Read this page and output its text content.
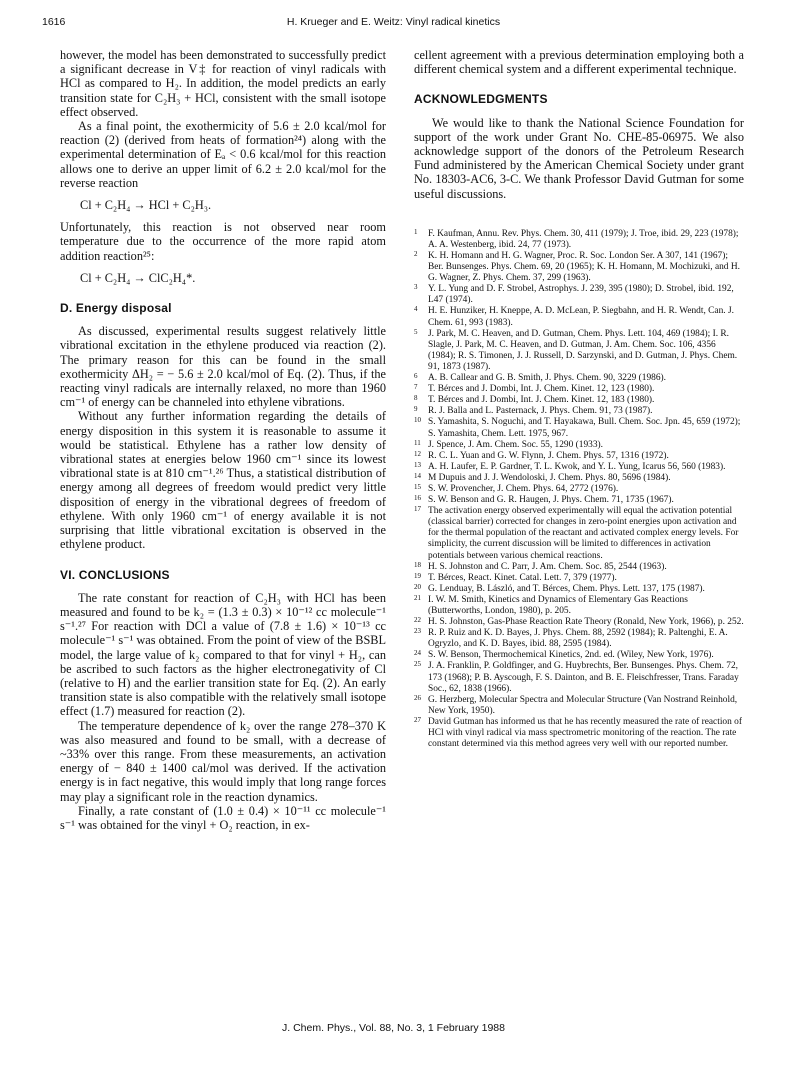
1616	H. Krueger and E. Weitz: Vinyl radical kinetics

however, the model has been demonstrated to successfully predict a significant decrease in V‡ for reaction of vinyl radicals with HCl as compared to H₂. In addition, the model predicts an early transition state for C₂H₃ + HCl, consistent with the small isotope effect observed.

As a final point, the exothermicity of 5.6 ± 2.0 kcal/mol for reaction (2) (derived from heats of formation²⁴) along with the experimental determination of Eₐ < 0.6 kcal/mol for this reaction allows one to derive an upper limit of 6.2 ± 2.0 kcal/mol for the reverse reaction

Cl + C₂H₄ → HCl + C₂H₃.

Unfortunately, this reaction is not observed near room temperature due to the occurrence of the more rapid atom addition reaction²⁵:

Cl + C₂H₄ → ClC₂H₄*.
D. Energy disposal

As discussed, experimental results suggest relatively little vibrational excitation in the ethylene produced via reaction (2). The primary reason for this can be found in the small exothermicity ΔH₂ = − 5.6 ± 2.0 kcal/mol of Eq. (2). Thus, if the reacting vinyl radicals are internally relaxed, no more than 1960 cm⁻¹ of energy can be channeled into ethylene vibrations.

Without any further information regarding the details of energy disposition in this system it is reasonable to assume it would be statistical. Ethylene has a rather low density of vibrational states at energies below 1960 cm⁻¹ since its lowest vibrational state is at 810 cm⁻¹.²⁶ Thus, a statistical distribution of energy among all degrees of freedom would predict very little disposition of energy in the vibrational degrees of freedom of ethylene. With only 1960 cm⁻¹ of energy available it is not surprising that little vibrational excitation is observed in the ethylene product.

VI. CONCLUSIONS

The rate constant for reaction of C₂H₃ with HCl has been measured and found to be k₂ = (1.3 ± 0.3) × 10⁻¹² cc molecule⁻¹ s⁻¹.²⁷ For reaction with DCl a value of (7.8 ± 1.6) × 10⁻¹³ cc molecule⁻¹ s⁻¹ was obtained. From the point of view of the BSBL model, the large value of k₂ compared to that for vinyl + H₂, can be ascribed to such factors as the higher electronegativity of Cl (relative to H) and the earlier transition state for Eq. (2). An early transition state is also compatible with the relatively small isotope effect (1.7) measured for reaction (2).

The temperature dependence of k₂ over the range 278–370 K was also measured and found to be small, with a decrease of ~33% over this range. From these measurements, an activation energy of − 840 ± 1400 cal/mol was derived. If the activation energy is in fact negative, this would imply that long range forces may play a significant role in the reaction dynamics.

Finally, a rate constant of (1.0 ± 0.4) × 10⁻¹¹ cc molecule⁻¹ s⁻¹ was obtained for the vinyl + O₂ reaction, in ex-

cellent agreement with a previous determination employing both a different chemical system and a different experimental technique.

ACKNOWLEDGMENTS

We would like to thank the National Science Foundation for support of the work under Grant No. CHE-85-06975. We also acknowledge support of the donors of the Petroleum Research Fund administered by the American Chemical Society under grant No. 18303-AC6, 3-C. We thank Professor David Gutman for some useful discussions.

1 F. Kaufman, Annu. Rev. Phys. Chem. 30, 411 (1979); J. Troe, ibid. 29, 223 (1978); A. A. Westenberg, ibid. 24, 77 (1973).
2 K. H. Homann and H. G. Wagner, Proc. R. Soc. London Ser. A 307, 141 (1967); Ber. Bunsenges. Phys. Chem. 69, 20 (1965); K. H. Homann, M. Mochizuki, and H. G. Wagner, Z. Phys. Chem. 37, 299 (1963).
3 Y. L. Yung and D. F. Strobel, Astrophys. J. 239, 395 (1980); D. Strobel, ibid. 192, L47 (1974).
4 H. E. Hunziker, H. Kneppe, A. D. McLean, P. Siegbahn, and H. R. Wendt, Can. J. Chem. 61, 993 (1983).
5 J. Park, M. C. Heaven, and D. Gutman, Chem. Phys. Lett. 104, 469 (1984); I. R. Slagle, J. Park, M. C. Heaven, and D. Gutman, J. Am. Chem. Soc. 106, 4356 (1984); R. S. Timonen, J. J. Russell, D. Sarzynski, and D. Gutman, J. Phys. Chem. 91, 1873 (1987).
6 A. B. Callear and G. B. Smith, J. Phys. Chem. 90, 3229 (1986).
7 T. Bérces and J. Dombi, Int. J. Chem. Kinet. 12, 123 (1980).
8 T. Bérces and J. Dombi, Int. J. Chem. Kinet. 12, 183 (1980).
9 R. J. Balla and L. Pasternack, J. Phys. Chem. 91, 73 (1987).
10 S. Yamashita, S. Noguchi, and T. Hayakawa, Bull. Chem. Soc. Jpn. 45, 659 (1972); S. Yamashita, Chem. Lett. 1975, 967.
11 J. Spence, J. Am. Chem. Soc. 55, 1290 (1933).
12 R. C. L. Yuan and G. W. Flynn, J. Chem. Phys. 57, 1316 (1972).
13 A. H. Laufer, E. P. Gardner, T. L. Kwok, and Y. L. Yung, Icarus 56, 560 (1983).
14 M Dupuis and J. J. Wendoloski, J. Chem. Phys. 80, 5696 (1984).
15 S. W. Provencher, J. Chem. Phys. 64, 2772 (1976).
16 S. W. Benson and G. R. Haugen, J. Phys. Chem. 71, 1735 (1967).
17 The activation energy observed experimentally will equal the activation potential (classical barrier) corrected for changes in zero-point energies upon activation and for the thermal population of the reactant and activated complex energy levels. For simplicity, the current discussion will be limited to differences in activation potentials between various chemical reactions.
18 H. S. Johnston and C. Parr, J. Am. Chem. Soc. 85, 2544 (1963).
19 T. Bérces, React. Kinet. Catal. Lett. 7, 379 (1977).
20 G. Lenduay, B. László, and T. Bérces, Chem. Phys. Lett. 137, 175 (1987).
21 I. W. M. Smith, Kinetics and Dynamics of Elementary Gas Reactions (Butterworths, London, 1980), p. 205.
22 H. S. Johnston, Gas-Phase Reaction Rate Theory (Ronald, New York, 1966), p. 252.
23 R. P. Ruiz and K. D. Bayes, J. Phys. Chem. 88, 2592 (1984); R. Paltenghi, E. A. Ogryzlo, and K. D. Bayes, ibid. 88, 2595 (1984).
24 S. W. Benson, Thermochemical Kinetics, 2nd. ed. (Wiley, New York, 1976).
25 J. A. Franklin, P. Goldfinger, and G. Huybrechts, Ber. Bunsenges. Phys. Chem. 72, 173 (1968); P. B. Ayscough, F. S. Dainton, and B. E. Fleischfresser, Trans. Faraday Soc., 62, 1838 (1966).
26 G. Herzberg, Molecular Spectra and Molecular Structure (Van Nostrand Reinhold, New York, 1950).
27 David Gutman has informed us that he has recently measured the rate of reaction of HCl with vinyl radical via mass spectrometric monitoring of the reaction. The rate constant determined via this method agrees very well with our reported number.
J. Chem. Phys., Vol. 88, No. 3, 1 February 1988
